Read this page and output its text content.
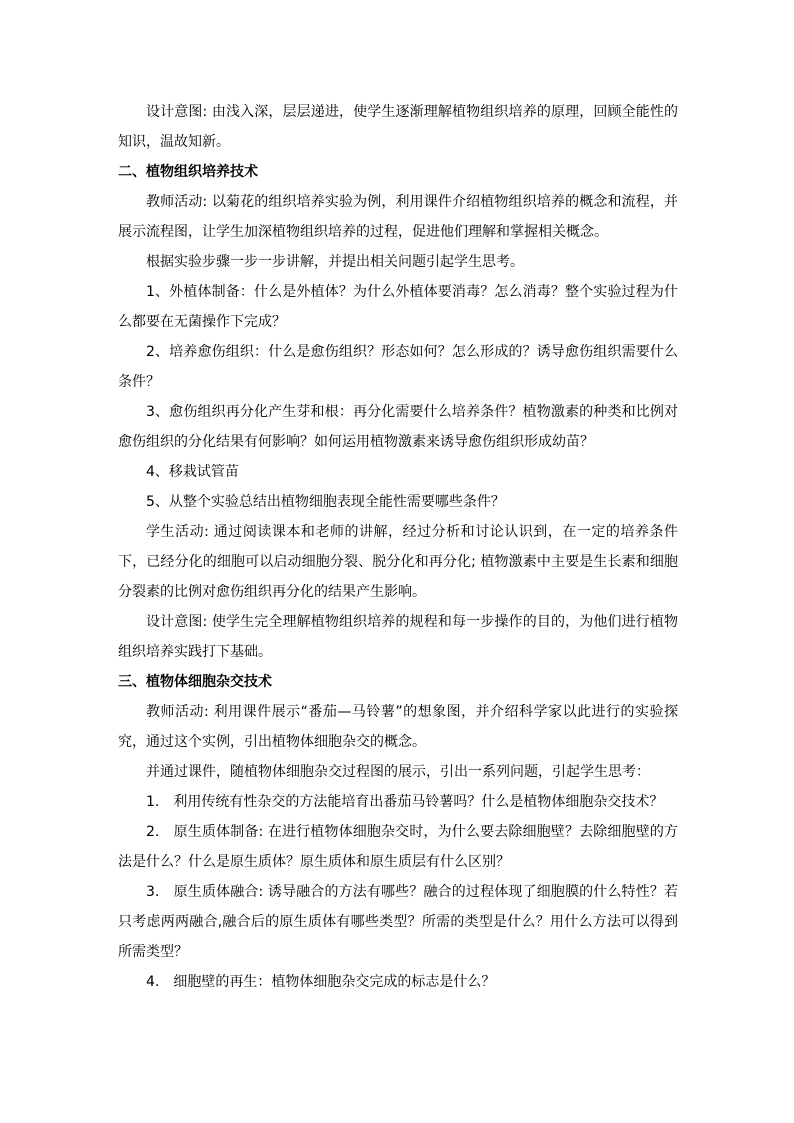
设计意图: 由浅入深，层层递进，使学生逐渐理解植物组织培养的原理，回顾全能性的知识，温故知新。

二、植物组织培养技术

教师活动: 以菊花的组织培养实验为例，利用课件介绍植物组织培养的概念和流程，并展示流程图，让学生加深植物组织培养的过程，促进他们理解和掌握相关概念。

根据实验步骤一步一步讲解，并提出相关问题引起学生思考。

1、外植体制备：什么是外植体？为什么外植体要消毒？怎么消毒？整个实验过程为什么都要在无菌操作下完成？

2、培养愈伤组织：什么是愈伤组织？形态如何？怎么形成的？诱导愈伤组织需要什么条件？

3、愈伤组织再分化产生芽和根：再分化需要什么培养条件？植物激素的种类和比例对愈伤组织的分化结果有何影响？如何运用植物激素来诱导愈伤组织形成幼苗？

4、移栽试管苗

5、从整个实验总结出植物细胞表现全能性需要哪些条件？

学生活动: 通过阅读课本和老师的讲解，经过分析和讨论认识到，在一定的培养条件下，已经分化的细胞可以启动细胞分裂、脱分化和再分化; 植物激素中主要是生长素和细胞分裂素的比例对愈伤组织再分化的结果产生影响。

设计意图: 使学生完全理解植物组织培养的规程和每一步操作的目的，为他们进行植物组织培养实践打下基础。

三、植物体细胞杂交技术

教师活动: 利用课件展示“番茄—马铃薯”的想象图，并介绍科学家以此进行的实验探究，通过这个实例，引出植物体细胞杂交的概念。

并通过课件，随植物体细胞杂交过程图的展示，引出一系列问题，引起学生思考：

1.　利用传统有性杂交的方法能培育出番茄马铃薯吗？什么是植物体细胞杂交技术？

2.　原生质体制备: 在进行植物体细胞杂交时，为什么要去除细胞壁？去除细胞壁的方法是什么？什么是原生质体？原生质体和原生质层有什么区别？

3.　原生质体融合: 诱导融合的方法有哪些？融合的过程体现了细胞膜的什么特性？若只考虑两两融合,融合后的原生质体有哪些类型？所需的类型是什么？用什么方法可以得到所需类型？

4.　细胞壁的再生：植物体细胞杂交完成的标志是什么？
